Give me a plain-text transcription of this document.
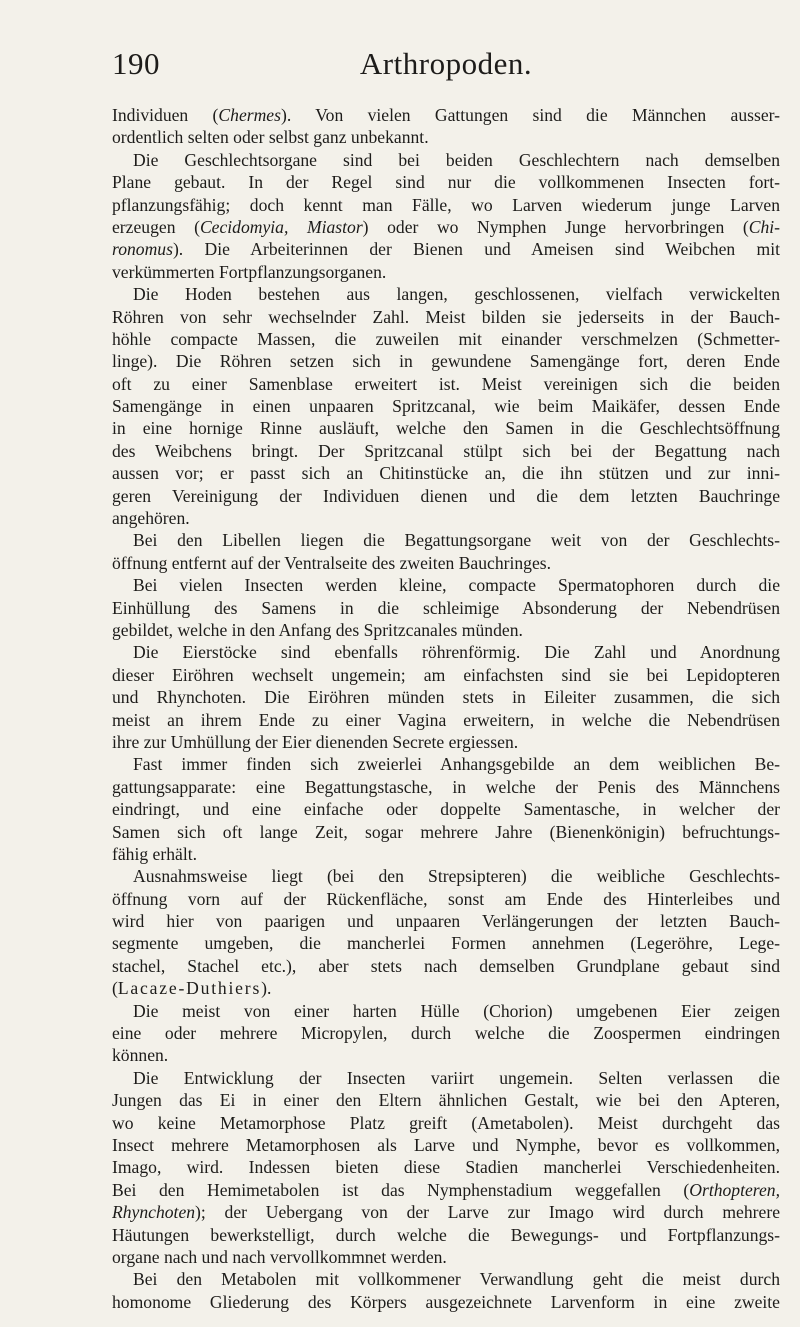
190	Arthropoden.
Individuen (Chermes). Von vielen Gattungen sind die Männchen ausser-
ordentlich selten oder selbst ganz unbekannt.
Die Geschlechtsorgane sind bei beiden Geschlechtern nach demselben
Plane gebaut. In der Regel sind nur die vollkommenen Insecten fort-
pflanzungsfähig; doch kennt man Fälle, wo Larven wiederum junge Larven
erzeugen (Cecidomyia, Miastor) oder wo Nymphen Junge hervorbringen (Chi-
ronomus). Die Arbeiterinnen der Bienen und Ameisen sind Weibchen mit
verkümmerten Fortpflanzungsorganen.
Die Hoden bestehen aus langen, geschlossenen, vielfach verwickelten
Röhren von sehr wechselnder Zahl. Meist bilden sie jederseits in der Bauch-
höhle compacte Massen, die zuweilen mit einander verschmelzen (Schmetter-
linge). Die Röhren setzen sich in gewundene Samengänge fort, deren Ende
oft zu einer Samenblase erweitert ist. Meist vereinigen sich die beiden
Samengänge in einen unpaaren Spritzcanal, wie beim Maikäfer, dessen Ende
in eine hornige Rinne ausläuft, welche den Samen in die Geschlechtsöffnung
des Weibchens bringt. Der Spritzcanal stülpt sich bei der Begattung nach
aussen vor; er passt sich an Chitinstücke an, die ihn stützen und zur inni-
geren Vereinigung der Individuen dienen und die dem letzten Bauchringe
angehören.
Bei den Libellen liegen die Begattungsorgane weit von der Geschlechts-
öffnung entfernt auf der Ventralseite des zweiten Bauchringes.
Bei vielen Insecten werden kleine, compacte Spermatophoren durch die
Einhüllung des Samens in die schleimige Absonderung der Nebendrüsen
gebildet, welche in den Anfang des Spritzcanales münden.
Die Eierstöcke sind ebenfalls röhrenförmig. Die Zahl und Anordnung
dieser Eiröhren wechselt ungemein; am einfachsten sind sie bei Lepidopteren
und Rhynchoten. Die Eiröhren münden stets in Eileiter zusammen, die sich
meist an ihrem Ende zu einer Vagina erweitern, in welche die Nebendrüsen
ihre zur Umhüllung der Eier dienenden Secrete ergiessen.
Fast immer finden sich zweierlei Anhangsgebilde an dem weiblichen Be-
gattungsapparate: eine Begattungstasche, in welche der Penis des Männchens
eindringt, und eine einfache oder doppelte Samentasche, in welcher der
Samen sich oft lange Zeit, sogar mehrere Jahre (Bienenkönigin) befruchtungs-
fähig erhält.
Ausnahmsweise liegt (bei den Strepsipteren) die weibliche Geschlechts-
öffnung vorn auf der Rückenfläche, sonst am Ende des Hinterleibes und
wird hier von paarigen und unpaaren Verlängerungen der letzten Bauch-
segmente umgeben, die mancherlei Formen annehmen (Legeröhre, Lege-
stachel, Stachel etc.), aber stets nach demselben Grundplane gebaut sind
(Lacaze-Duthiers).
Die meist von einer harten Hülle (Chorion) umgebenen Eier zeigen
eine oder mehrere Micropylen, durch welche die Zoospermen eindringen
können.
Die Entwicklung der Insecten variirt ungemein. Selten verlassen die
Jungen das Ei in einer den Eltern ähnlichen Gestalt, wie bei den Apteren,
wo keine Metamorphose Platz greift (Ametabolen). Meist durchgeht das
Insect mehrere Metamorphosen als Larve und Nymphe, bevor es vollkommen,
Imago, wird. Indessen bieten diese Stadien mancherlei Verschiedenheiten.
Bei den Hemimetabolen ist das Nymphenstadium weggefallen (Orthopteren,
Rhynchoten); der Uebergang von der Larve zur Imago wird durch mehrere
Häutungen bewerkstelligt, durch welche die Bewegungs- und Fortpflanzungs-
organe nach und nach vervollkommnet werden.
Bei den Metabolen mit vollkommener Verwandlung geht die meist durch
homonome Gliederung des Körpers ausgezeichnete Larvenform in eine zweite
